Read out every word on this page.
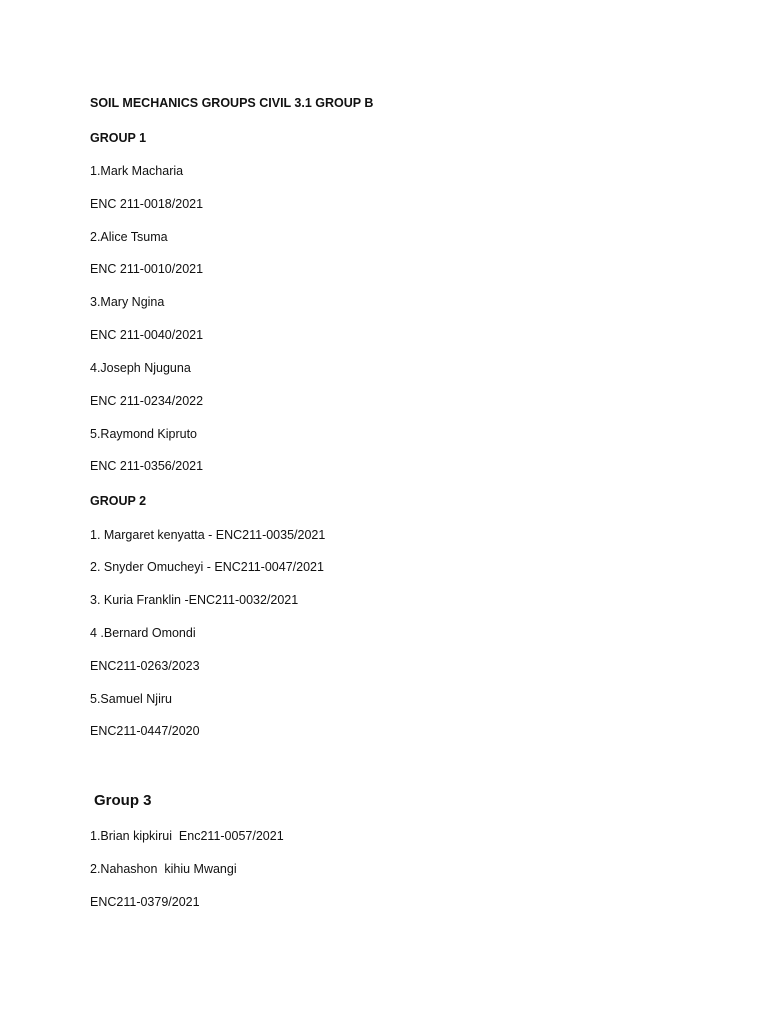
SOIL MECHANICS GROUPS CIVIL 3.1 GROUP B
GROUP 1
1.Mark Macharia
ENC 211-0018/2021
2.Alice Tsuma
ENC 211-0010/2021
3.Mary Ngina
ENC 211-0040/2021
4.Joseph Njuguna
ENC 211-0234/2022
5.Raymond Kipruto
ENC 211-0356/2021
GROUP 2
1. Margaret kenyatta - ENC211-0035/2021
2. Snyder Omucheyi - ENC211-0047/2021
3. Kuria Franklin -ENC211-0032/2021
4 .Bernard Omondi
ENC211-0263/2023
5.Samuel Njiru
ENC211-0447/2020
Group 3
1.Brian kipkirui  Enc211-0057/2021
2.Nahashon  kihiu Mwangi
ENC211-0379/2021
